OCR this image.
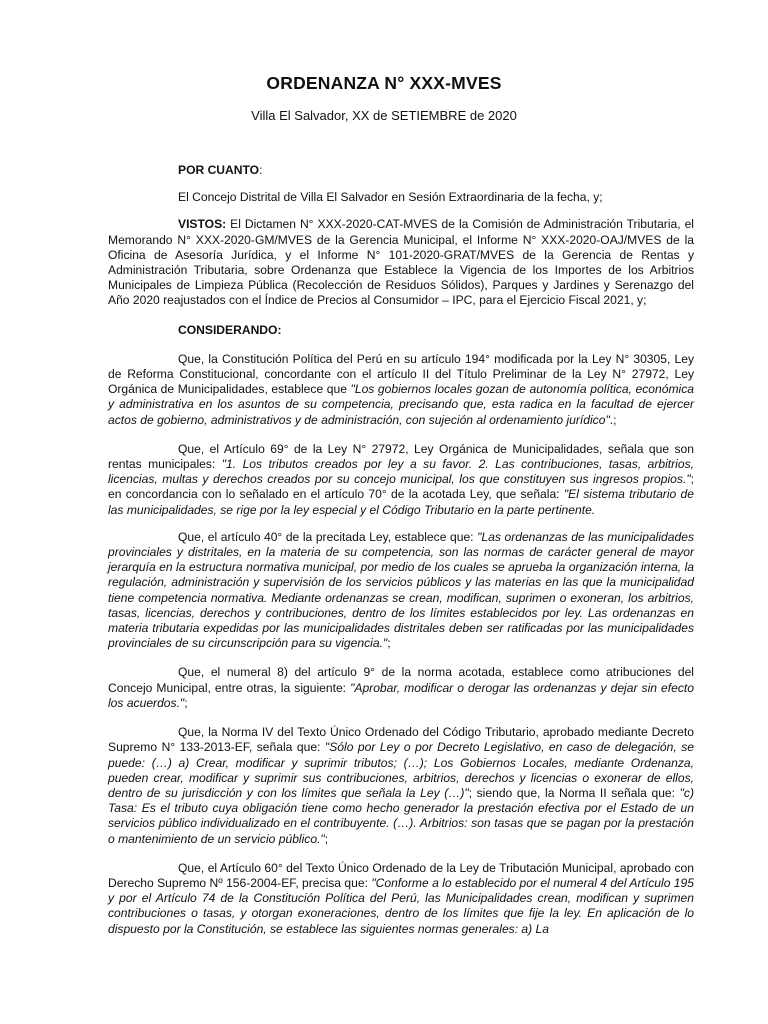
ORDENANZA N° XXX-MVES
Villa El Salvador, XX de SETIEMBRE de 2020

POR CUANTO:

El Concejo Distrital de Villa El Salvador en Sesión Extraordinaria de la fecha, y;

VISTOS: El Dictamen N° XXX-2020-CAT-MVES de la Comisión de Administración Tributaria, el Memorando N° XXX-2020-GM/MVES de la Gerencia Municipal, el Informe N° XXX-2020-OAJ/MVES de la Oficina de Asesoría Jurídica, y el Informe N° 101-2020-GRAT/MVES de la Gerencia de Rentas y Administración Tributaria, sobre Ordenanza que Establece la Vigencia de los Importes de los Arbitrios Municipales de Limpieza Pública (Recolección de Residuos Sólidos), Parques y Jardines y Serenazgo del Año 2020 reajustados con el Índice de Precios al Consumidor – IPC, para el Ejercicio Fiscal 2021, y;

CONSIDERANDO:

Que, la Constitución Política del Perú en su artículo 194° modificada por la Ley N° 30305, Ley de Reforma Constitucional, concordante con el artículo II del Título Preliminar de la Ley N° 27972, Ley Orgánica de Municipalidades, establece que "Los gobiernos locales gozan de autonomía política, económica y administrativa en los asuntos de su competencia, precisando que, esta radica en la facultad de ejercer actos de gobierno, administrativos y de administración, con sujeción al ordenamiento jurídico".;

Que, el Artículo 69° de la Ley N° 27972, Ley Orgánica de Municipalidades, señala que son rentas municipales: "1. Los tributos creados por ley a su favor. 2. Las contribuciones, tasas, arbitrios, licencias, multas y derechos creados por su concejo municipal, los que constituyen sus ingresos propios."; en concordancia con lo señalado en el artículo 70° de la acotada Ley, que señala: "El sistema tributario de las municipalidades, se rige por la ley especial y el Código Tributario en la parte pertinente.

Que, el artículo 40° de la precitada Ley, establece que: "Las ordenanzas de las municipalidades provinciales y distritales, en la materia de su competencia, son las normas de carácter general de mayor jerarquía en la estructura normativa municipal, por medio de los cuales se aprueba la organización interna, la regulación, administración y supervisión de los servicios públicos y las materias en las que la municipalidad tiene competencia normativa. Mediante ordenanzas se crean, modifican, suprimen o exoneran, los arbitrios, tasas, licencias, derechos y contribuciones, dentro de los límites establecidos por ley. Las ordenanzas en materia tributaria expedidas por las municipalidades distritales deben ser ratificadas por las municipalidades provinciales de su circunscripción para su vigencia.";

Que, el numeral 8) del artículo 9° de la norma acotada, establece como atribuciones del Concejo Municipal, entre otras, la siguiente: "Aprobar, modificar o derogar las ordenanzas y dejar sin efecto los acuerdos.";

Que, la Norma IV del Texto Único Ordenado del Código Tributario, aprobado mediante Decreto Supremo N° 133-2013-EF, señala que: "Sólo por Ley o por Decreto Legislativo, en caso de delegación, se puede: (…) a) Crear, modificar y suprimir tributos; (…); Los Gobiernos Locales, mediante Ordenanza, pueden crear, modificar y suprimir sus contribuciones, arbitrios, derechos y licencias o exonerar de ellos, dentro de su jurisdicción y con los límites que señala la Ley (…)"; siendo que, la Norma II señala que: "c) Tasa: Es el tributo cuya obligación tiene como hecho generador la prestación efectiva por el Estado de un servicios público individualizado en el contribuyente. (…). Arbitrios: son tasas que se pagan por la prestación o mantenimiento de un servicio público.";

Que, el Artículo 60° del Texto Único Ordenado de la Ley de Tributación Municipal, aprobado con Derecho Supremo Nº 156-2004-EF, precisa que: "Conforme a lo establecido por el numeral 4 del Artículo 195 y por el Artículo 74 de la Constitución Política del Perú, las Municipalidades crean, modifican y suprimen contribuciones o tasas, y otorgan exoneraciones, dentro de los límites que fije la ley. En aplicación de lo dispuesto por la Constitución, se establece las siguientes normas generales: a) La
